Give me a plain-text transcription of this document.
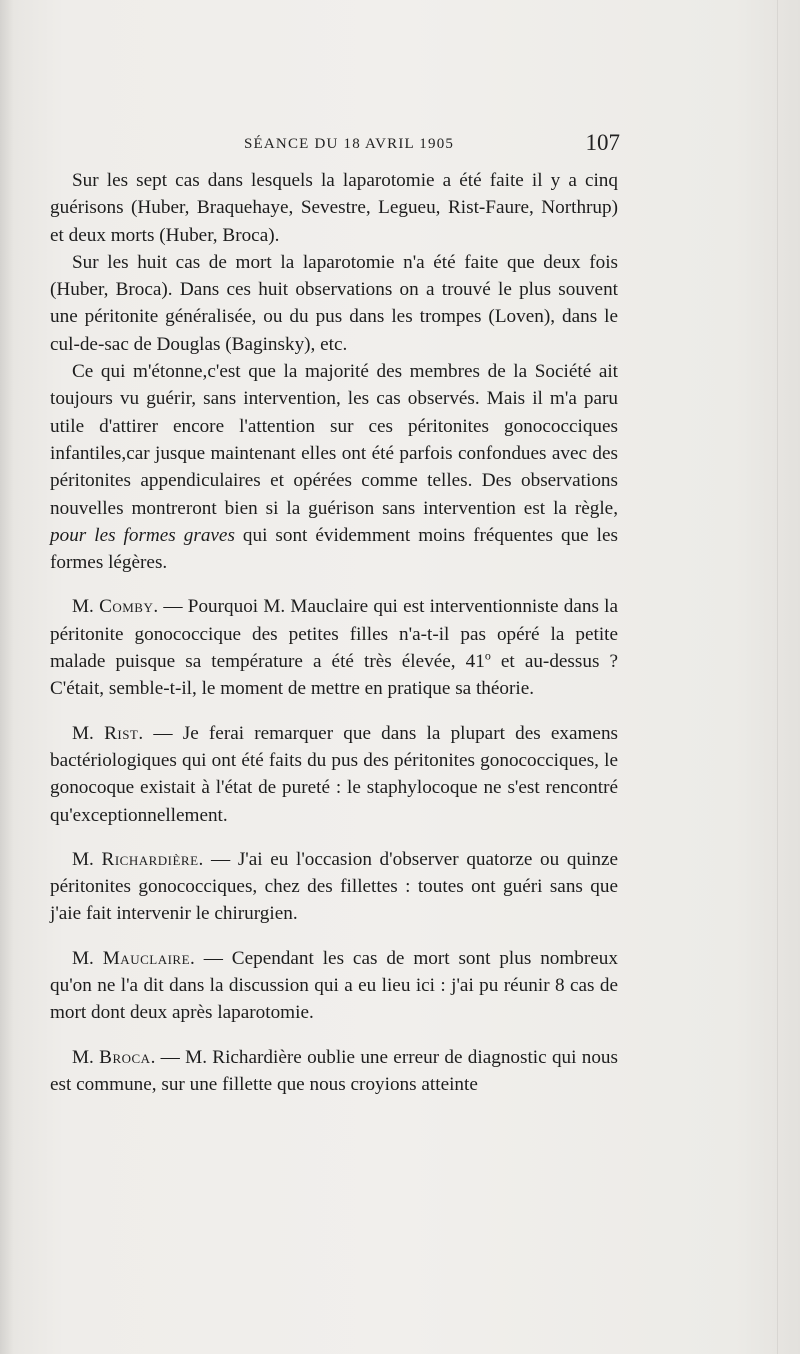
SÉANCE DU 18 AVRIL 1905	107

Sur les sept cas dans lesquels la laparotomie a été faite il y a cinq guérisons (Huber, Braquehaye, Sevestre, Legueu, Rist-Faure, Northrup) et deux morts (Huber, Broca).

Sur les huit cas de mort la laparotomie n'a été faite que deux fois (Huber, Broca). Dans ces huit observations on a trouvé le plus souvent une péritonite généralisée, ou du pus dans les trompes (Loven), dans le cul-de-sac de Douglas (Baginsky), etc.

Ce qui m'étonne,c'est que la majorité des membres de la Société ait toujours vu guérir, sans intervention, les cas observés. Mais il m'a paru utile d'attirer encore l'attention sur ces péritonites gonococciques infantiles,car jusque maintenant elles ont été parfois confondues avec des péritonites appendiculaires et opérées comme telles. Des observations nouvelles montreront bien si la guérison sans intervention est la règle, pour les formes graves qui sont évidemment moins fréquentes que les formes légères.

M. Comby. — Pourquoi M. Mauclaire qui est interventionniste dans la péritonite gonococcique des petites filles n'a-t-il pas opéré la petite malade puisque sa température a été très élevée, 41$^o$ et au-dessus ? C'était, semble-t-il, le moment de mettre en pratique sa théorie.

M. Rist. — Je ferai remarquer que dans la plupart des examens bactériologiques qui ont été faits du pus des péritonites gonococciques, le gonocoque existait à l'état de pureté : le staphylocoque ne s'est rencontré qu'exceptionnellement.

M. Richardière. — J'ai eu l'occasion d'observer quatorze ou quinze péritonites gonococciques, chez des fillettes : toutes ont guéri sans que j'aie fait intervenir le chirurgien.

M. Mauclaire. — Cependant les cas de mort sont plus nombreux qu'on ne l'a dit dans la discussion qui a eu lieu ici : j'ai pu réunir 8 cas de mort dont deux après laparotomie.

M. Broca. — M. Richardière oublie une erreur de diagnostic qui nous est commune, sur une fillette que nous croyions atteinte
